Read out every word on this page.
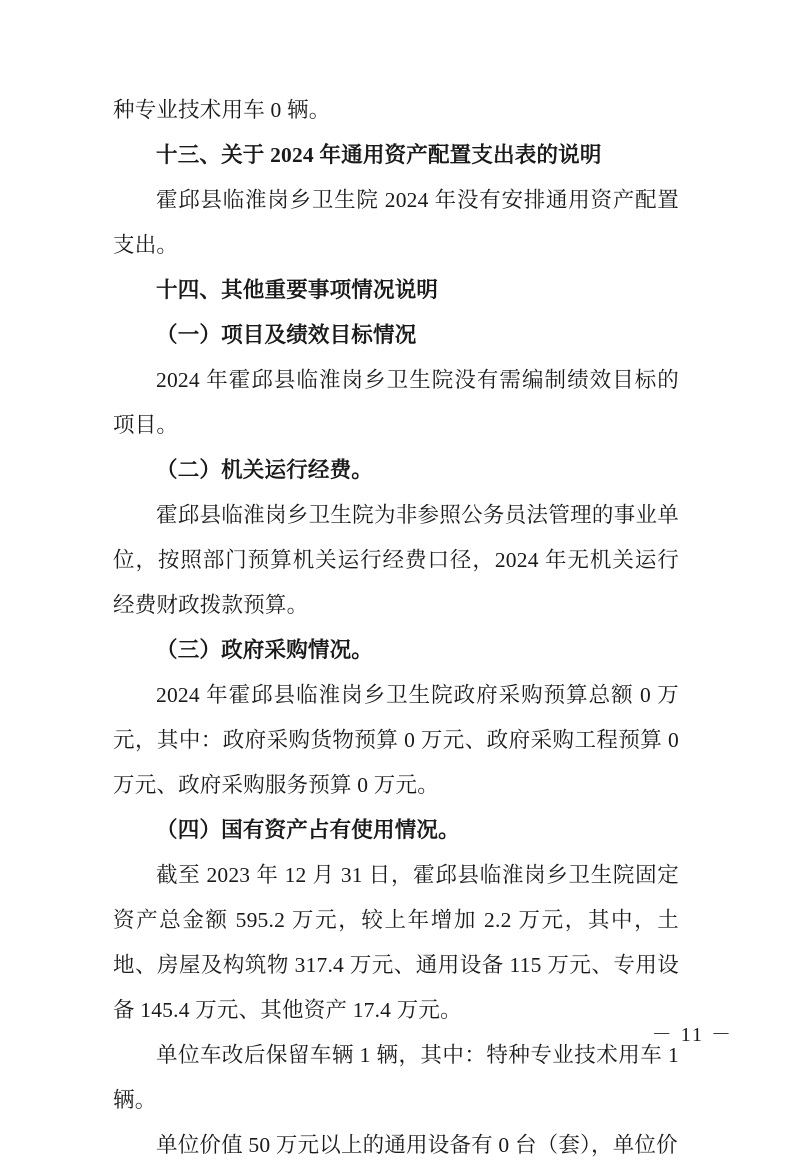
种专业技术用车 0 辆。

十三、关于 2024 年通用资产配置支出表的说明

霍邱县临淮岗乡卫生院 2024 年没有安排通用资产配置支出。

十四、其他重要事项情况说明

（一）项目及绩效目标情况

2024 年霍邱县临淮岗乡卫生院没有需编制绩效目标的项目。

（二）机关运行经费。

霍邱县临淮岗乡卫生院为非参照公务员法管理的事业单位，按照部门预算机关运行经费口径，2024 年无机关运行经费财政拨款预算。

（三）政府采购情况。

2024 年霍邱县临淮岗乡卫生院政府采购预算总额 0 万元，其中：政府采购货物预算 0 万元、政府采购工程预算 0 万元、政府采购服务预算 0 万元。

（四）国有资产占有使用情况。

截至 2023 年 12 月 31 日，霍邱县临淮岗乡卫生院固定资产总金额 595.2 万元，较上年增加 2.2 万元，其中，土地、房屋及构筑物 317.4 万元、通用设备 115 万元、专用设备 145.4 万元、其他资产 17.4 万元。

单位车改后保留车辆 1 辆，其中：特种专业技术用车 1 辆。

单位价值 50 万元以上的通用设备有 0 台（套），单位价

－ 11 －
